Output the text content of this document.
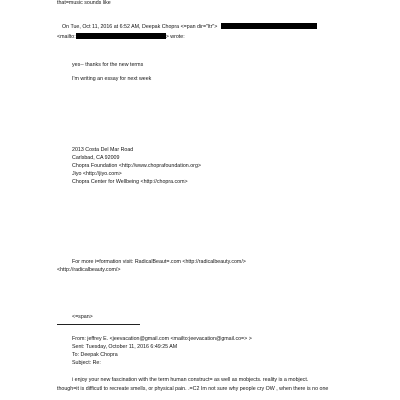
that=music sounds like
On Tue, Oct 11, 2016 at 6:52 AM, Deepak Chopra <=pan dir="ltr">
<mailto:	> wrote:
yes-- thanks for the new terms
I'm writing an essay for next week
2013 Costa Del Mar Road
Carlsbad, CA 92009
Chopra Foundation <http://www.choprafoundation.org>
Jiyo <http://jiyo.com>
Chopra Center for Wellbeing <http://chopra.com>
For more i=formation visit: RadicalBeaut=.com <http://radicalbeauty.com/>
<http://radicalbeauty.com/>
<=span>
From: jeffrey E. <jeevacation@gmail.com <mailto:jeevacation@gmail.co=> >
Sent: Tuesday, October 11, 2016 6:49:25 AM
To: Deepak Chopra
Subject: Re:
i enjoy your new fascination with the term human construct= as well as mobjects. reality is a mobject.
though=it is difficutl to recreate smells, or physical pain. .=C2 Im not sure why people cry OW , when there is no one
